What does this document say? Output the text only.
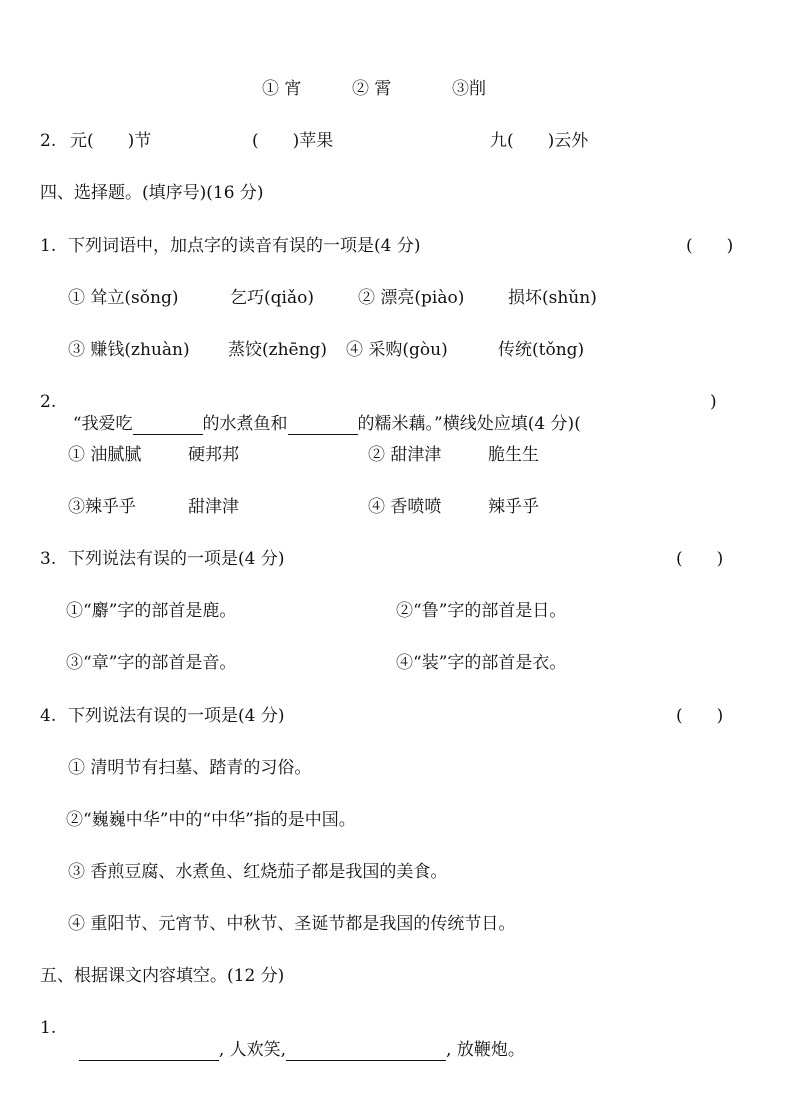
① 宵	② 霄	③削
2. 元(　　)节	(　　)苹果	九(　　)云外
四、选择题。(填序号)(16 分)
1. 下列词语中，加点字的读音有误的一项是(4 分)	(　　)
① 耸立(sǒng)	乞巧(qiǎo)	② 漂亮(piào)	损坏(shǔn)
③ 赚钱(zhuàn) 蒸饺(zhēng) ④ 采购(gòu)	传统(tǒng)
2.

“我爱吃	的水煮鱼和	的糯米藕。”横线处应填(4 分)(

)
① 油腻腻	硬邦邦	② 甜津津	脆生生
③辣乎乎	甜津津	④ 香喷喷	辣乎乎
3. 下列说法有误的一项是(4 分)	(　　)
①“麝”字的部首是鹿。	②“鲁”字的部首是日。
③“章”字的部首是音。	④“装”字的部首是衣。
4. 下列说法有误的一项是(4 分)	(　　)
① 清明节有扫墓、踏青的习俗。
②“巍巍中华”中的“中华”指的是中国。
③ 香煎豆腐、水煮鱼、红烧茄子都是我国的美食。
④ 重阳节、元宵节、中秋节、圣诞节都是我国的传统节日。
五、根据课文内容填空。(12 分)
1.

, 人欢笑,	, 放鞭炮。
